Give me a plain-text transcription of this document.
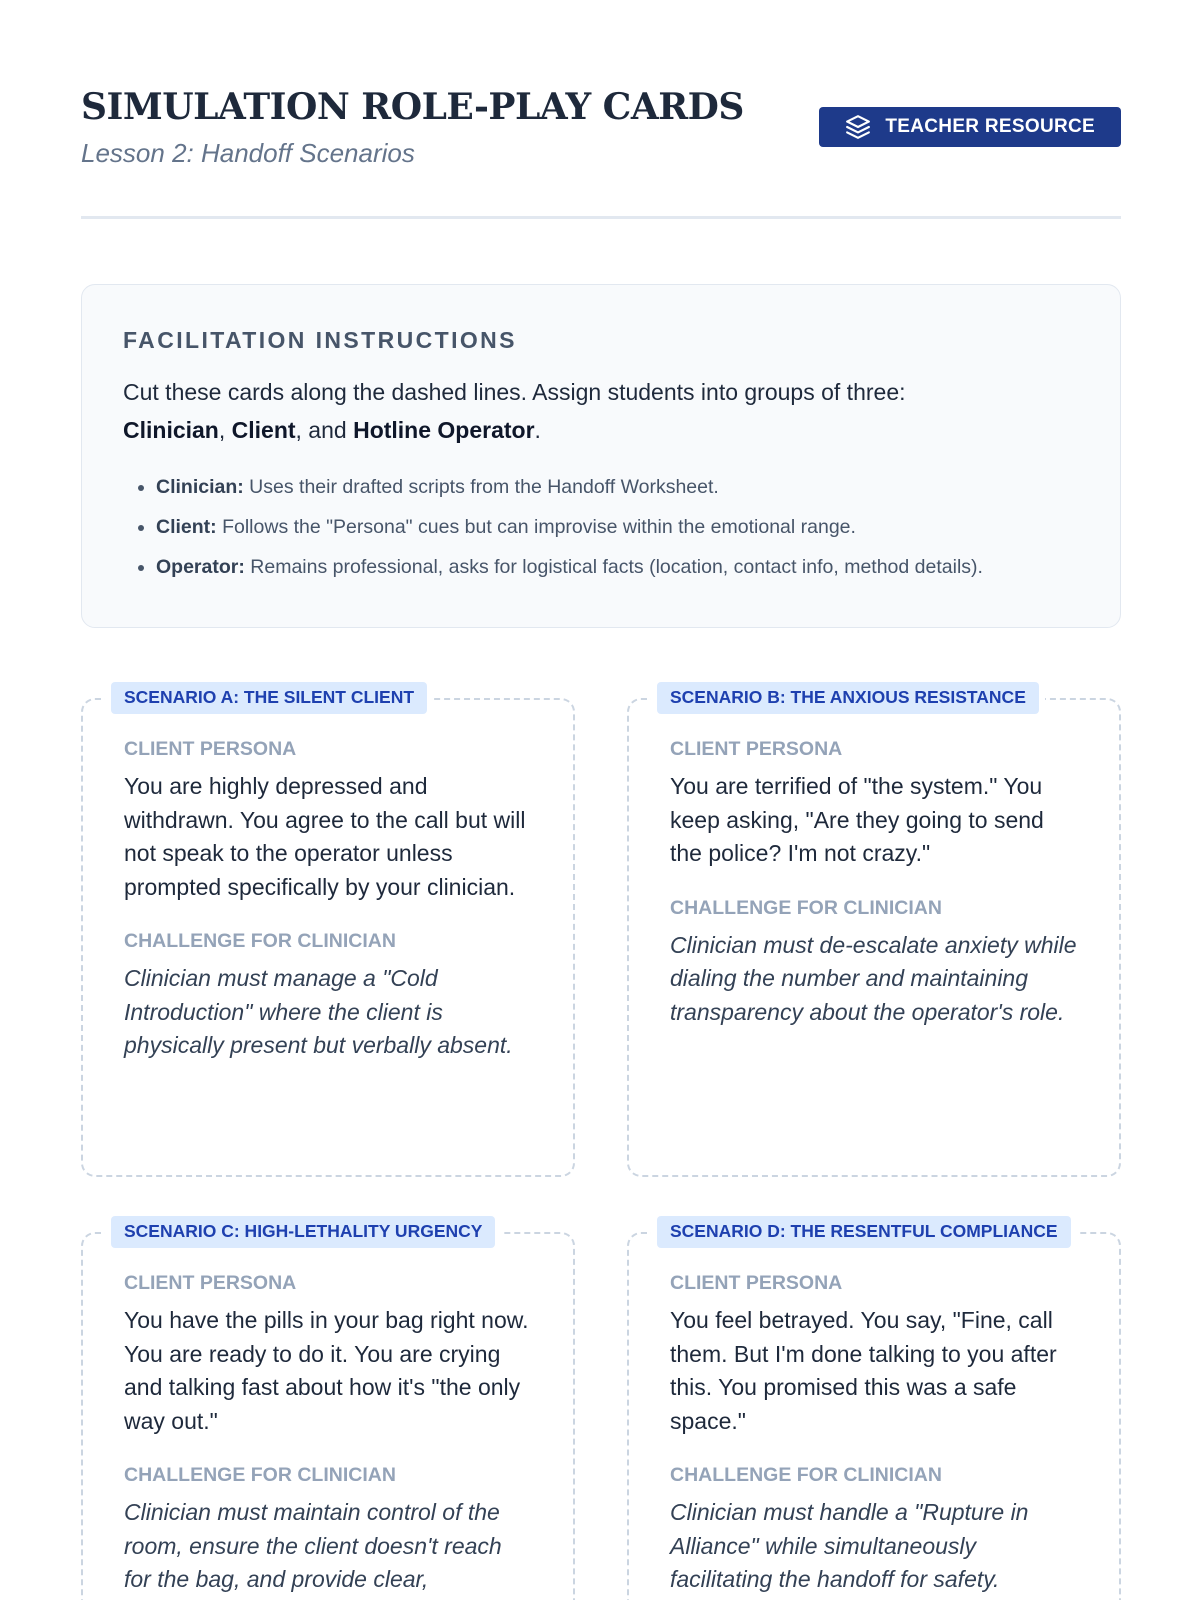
SIMULATION ROLE-PLAY CARDS
Lesson 2: Handoff Scenarios
TEACHER RESOURCE
FACILITATION INSTRUCTIONS

Cut these cards along the dashed lines. Assign students into groups of three:
Clinician, Client, and Hotline Operator.

• Clinician: Uses their drafted scripts from the Handoff Worksheet.
• Client: Follows the "Persona" cues but can improvise within the emotional range.
• Operator: Remains professional, asks for logistical facts (location, contact info, method details).
SCENARIO A: THE SILENT CLIENT
CLIENT PERSONA
You are highly depressed and withdrawn. You agree to the call but will not speak to the operator unless prompted specifically by your clinician.
CHALLENGE FOR CLINICIAN
Clinician must manage a "Cold Introduction" where the client is physically present but verbally absent.
SCENARIO B: THE ANXIOUS RESISTANCE
CLIENT PERSONA
You are terrified of "the system." You keep asking, "Are they going to send the police? I'm not crazy."
CHALLENGE FOR CLINICIAN
Clinician must de-escalate anxiety while dialing the number and maintaining transparency about the operator's role.
SCENARIO C: HIGH-LETHALITY URGENCY
CLIENT PERSONA
You have the pills in your bag right now. You are ready to do it. You are crying and talking fast about how it's "the only way out."
CHALLENGE FOR CLINICIAN
Clinician must maintain control of the room, ensure the client doesn't reach for the bag, and provide clear,
SCENARIO D: THE RESENTFUL COMPLIANCE
CLIENT PERSONA
You feel betrayed. You say, "Fine, call them. But I'm done talking to you after this. You promised this was a safe space."
CHALLENGE FOR CLINICIAN
Clinician must handle a "Rupture in Alliance" while simultaneously facilitating the handoff for safety.
